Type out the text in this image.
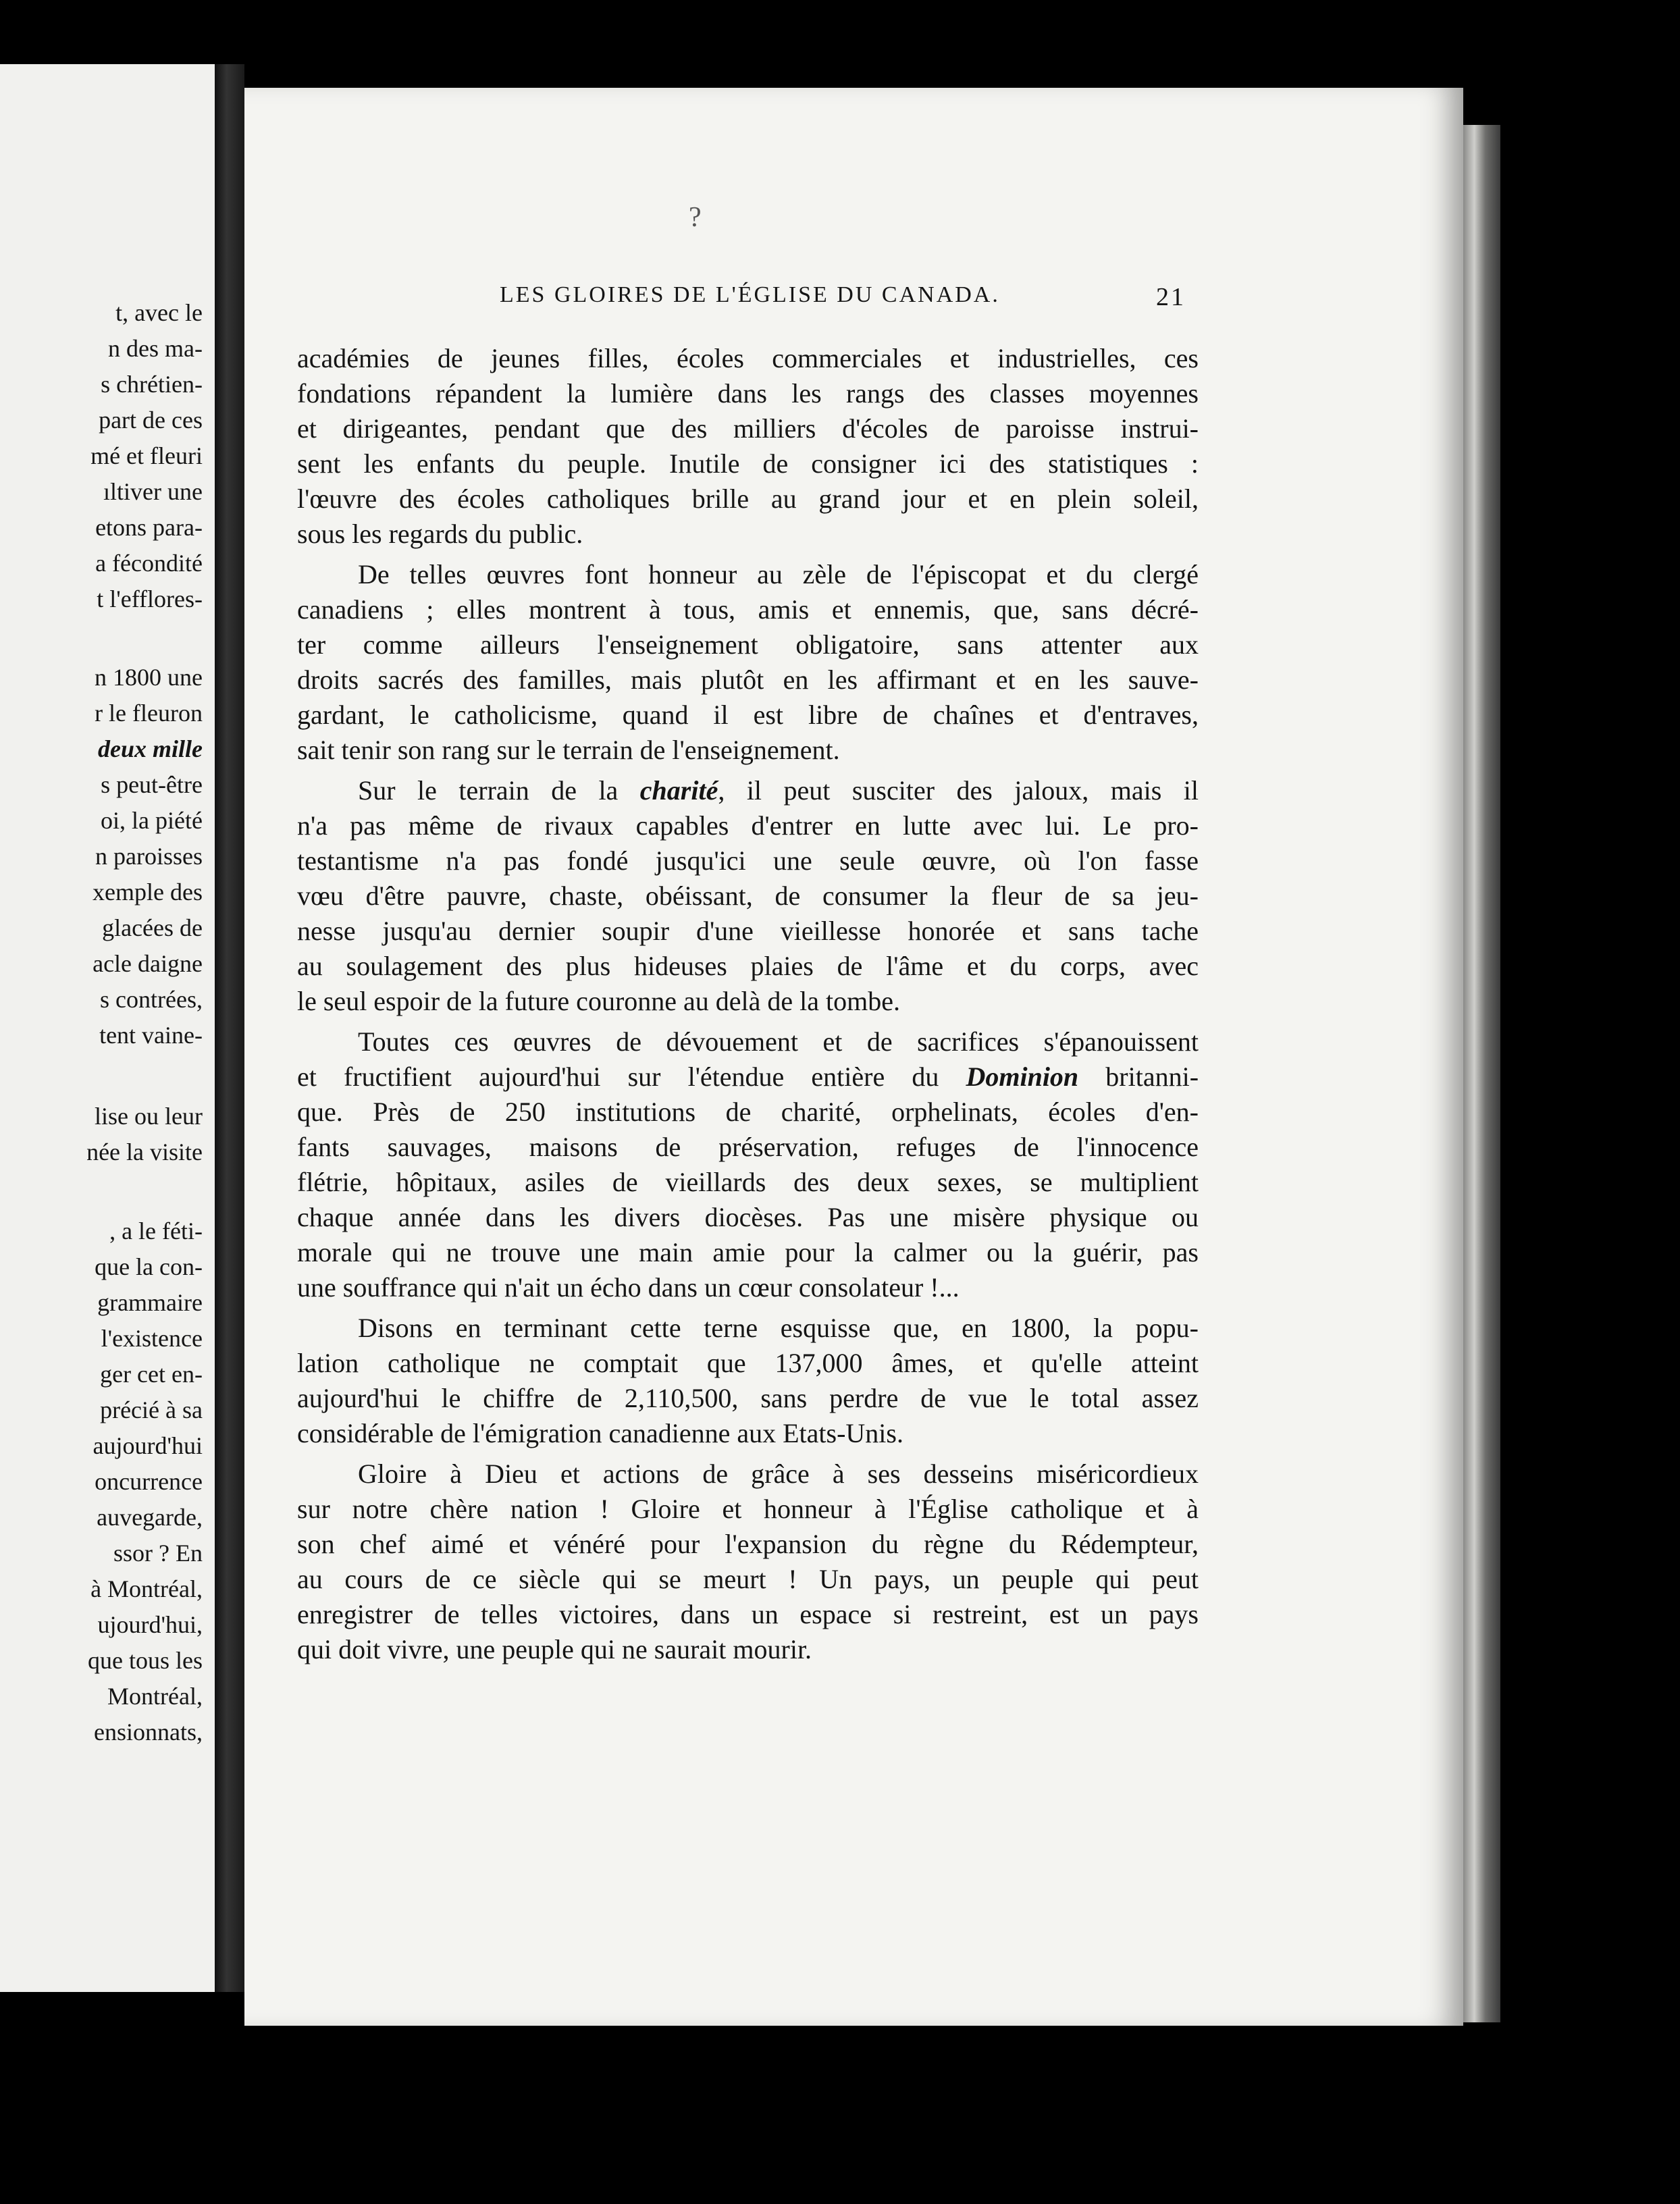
t, avec le
n des ma-
s chrétien-
part de ces
mé et fleuri
ıltiver une
etons para-
a fécondité
t l'efflores-
n 1800 une
r le fleuron
deux mille
s peut-être
oi, la piété
n paroisses
xemple des
glacées de
acle daigne
s contrées,
tent vaine-
lise ou leur
née la visite
, a le féti-
que la con-
grammaire
l'existence
ger cet en-
précié à sa
aujourd'hui
oncurrence
auvegarde,
ssor ? En
à Montréal,
ujourd'hui,
que tous les
Montréal,
ensionnats,
?
LES GLOIRES DE L'ÉGLISE DU CANADA.	21
académies de jeunes filles, écoles commerciales et industrielles, ces
fondations répandent la lumière dans les rangs des classes moyennes
et dirigeantes, pendant que des milliers d'écoles de paroisse instrui-
sent les enfants du peuple. Inutile de consigner ici des statistiques :
l'œuvre des écoles catholiques brille au grand jour et en plein soleil,
sous les regards du public.
De telles œuvres font honneur au zèle de l'épiscopat et du clergé
canadiens ; elles montrent à tous, amis et ennemis, que, sans décré-
ter comme ailleurs l'enseignement obligatoire, sans attenter aux
droits sacrés des familles, mais plutôt en les affirmant et en les sauve-
gardant, le catholicisme, quand il est libre de chaînes et d'entraves,
sait tenir son rang sur le terrain de l'enseignement.
Sur le terrain de la charité, il peut susciter des jaloux, mais il
n'a pas même de rivaux capables d'entrer en lutte avec lui. Le pro-
testantisme n'a pas fondé jusqu'ici une seule œuvre, où l'on fasse
vœu d'être pauvre, chaste, obéissant, de consumer la fleur de sa jeu-
nesse jusqu'au dernier soupir d'une vieillesse honorée et sans tache
au soulagement des plus hideuses plaies de l'âme et du corps, avec
le seul espoir de la future couronne au delà de la tombe.
Toutes ces œuvres de dévouement et de sacrifices s'épanouissent
et fructifient aujourd'hui sur l'étendue entière du Dominion britanni-
que. Près de 250 institutions de charité, orphelinats, écoles d'en-
fants sauvages, maisons de préservation, refuges de l'innocence
flétrie, hôpitaux, asiles de vieillards des deux sexes, se multiplient
chaque année dans les divers diocèses. Pas une misère physique ou
morale qui ne trouve une main amie pour la calmer ou la guérir, pas
une souffrance qui n'ait un écho dans un cœur consolateur !...
Disons en terminant cette terne esquisse que, en 1800, la popu-
lation catholique ne comptait que 137,000 âmes, et qu'elle atteint
aujourd'hui le chiffre de 2,110,500, sans perdre de vue le total assez
considérable de l'émigration canadienne aux Etats-Unis.
Gloire à Dieu et actions de grâce à ses desseins miséricordieux
sur notre chère nation ! Gloire et honneur à l'Église catholique et à
son chef aimé et vénéré pour l'expansion du règne du Rédempteur,
au cours de ce siècle qui se meurt ! Un pays, un peuple qui peut
enregistrer de telles victoires, dans un espace si restreint, est un pays
qui doit vivre, une peuple qui ne saurait mourir.
